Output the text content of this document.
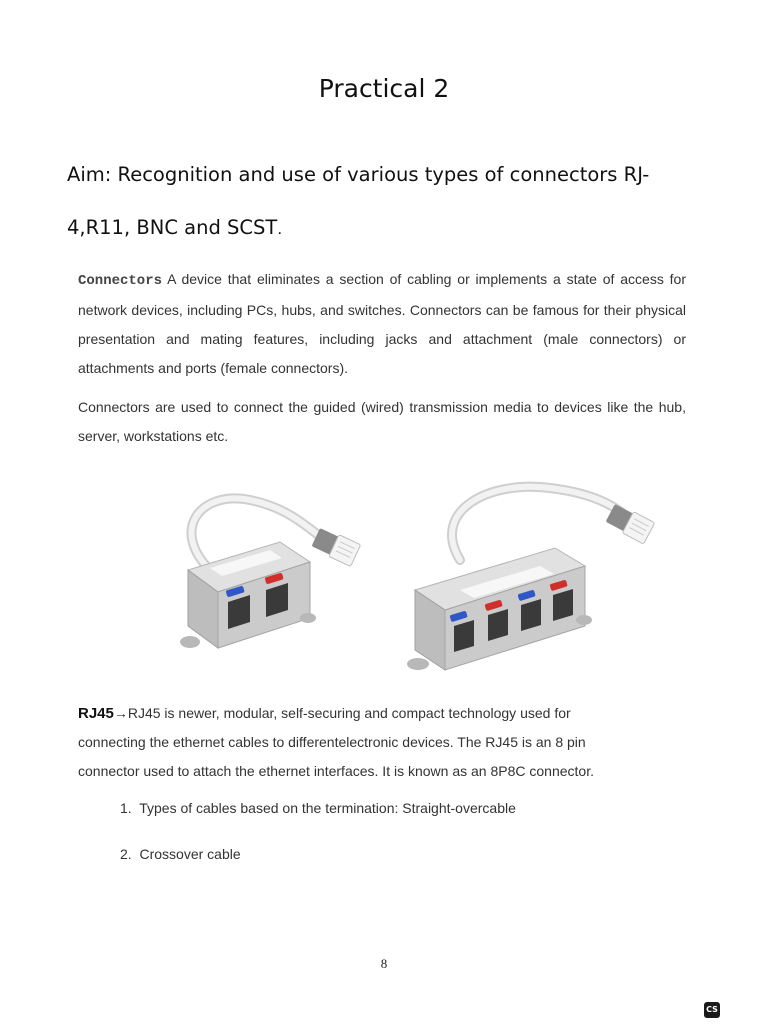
Practical 2
Aim: Recognition and use of various types of connectors RJ-
4,R11, BNC and SCST.

Connectors A device that eliminates a section of cabling or implements a state of access for network devices, including PCs, hubs, and switches. Connectors can be famous for their physical presentation and mating features, including jacks and attachment (male connectors) or attachments and ports (female connectors).

Connectors are used to connect the guided (wired) transmission media to devices like the hub, server, workstations etc.

RJ45→RJ45 is newer, modular, self-securing and compact technology used for
connecting the ethernet cables to differentelectronic devices. The RJ45 is an 8 pin
connector used to attach the ethernet interfaces. It is known as an 8P8C connector.

1. Types of cables based on the termination: Straight-overcable
2. Crossover cable
8
CS
